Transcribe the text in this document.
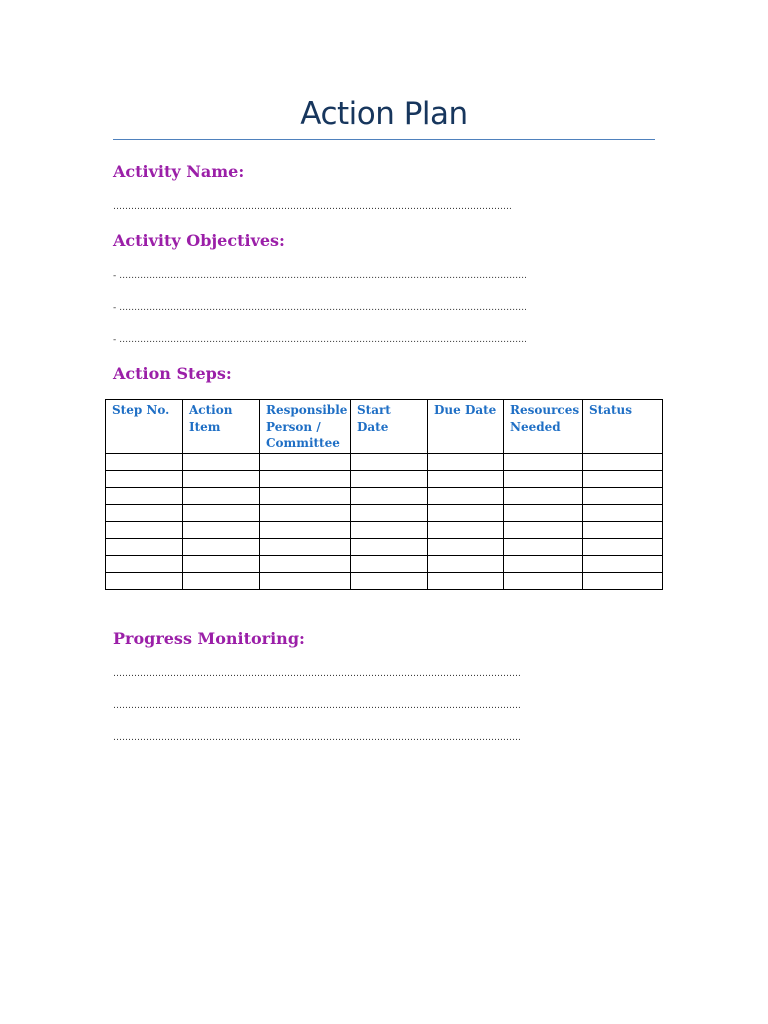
Action Plan
Activity Name:
…………………………………………………………………………………………………………………….
Activity Objectives:
- ……………………………………………………………………………………………………………………….
- ……………………………………………………………………………………………………………………….
- ……………………………………………………………………………………………………………………….
Action Steps:
Step No.	Action Item	Responsible Person / Committee	Start Date	Due Date	Resources Needed	Status

Progress Monitoring:
……………………………………………………………………………………………………………………….
……………………………………………………………………………………………………………………….
……………………………………………………………………………………………………………………….
